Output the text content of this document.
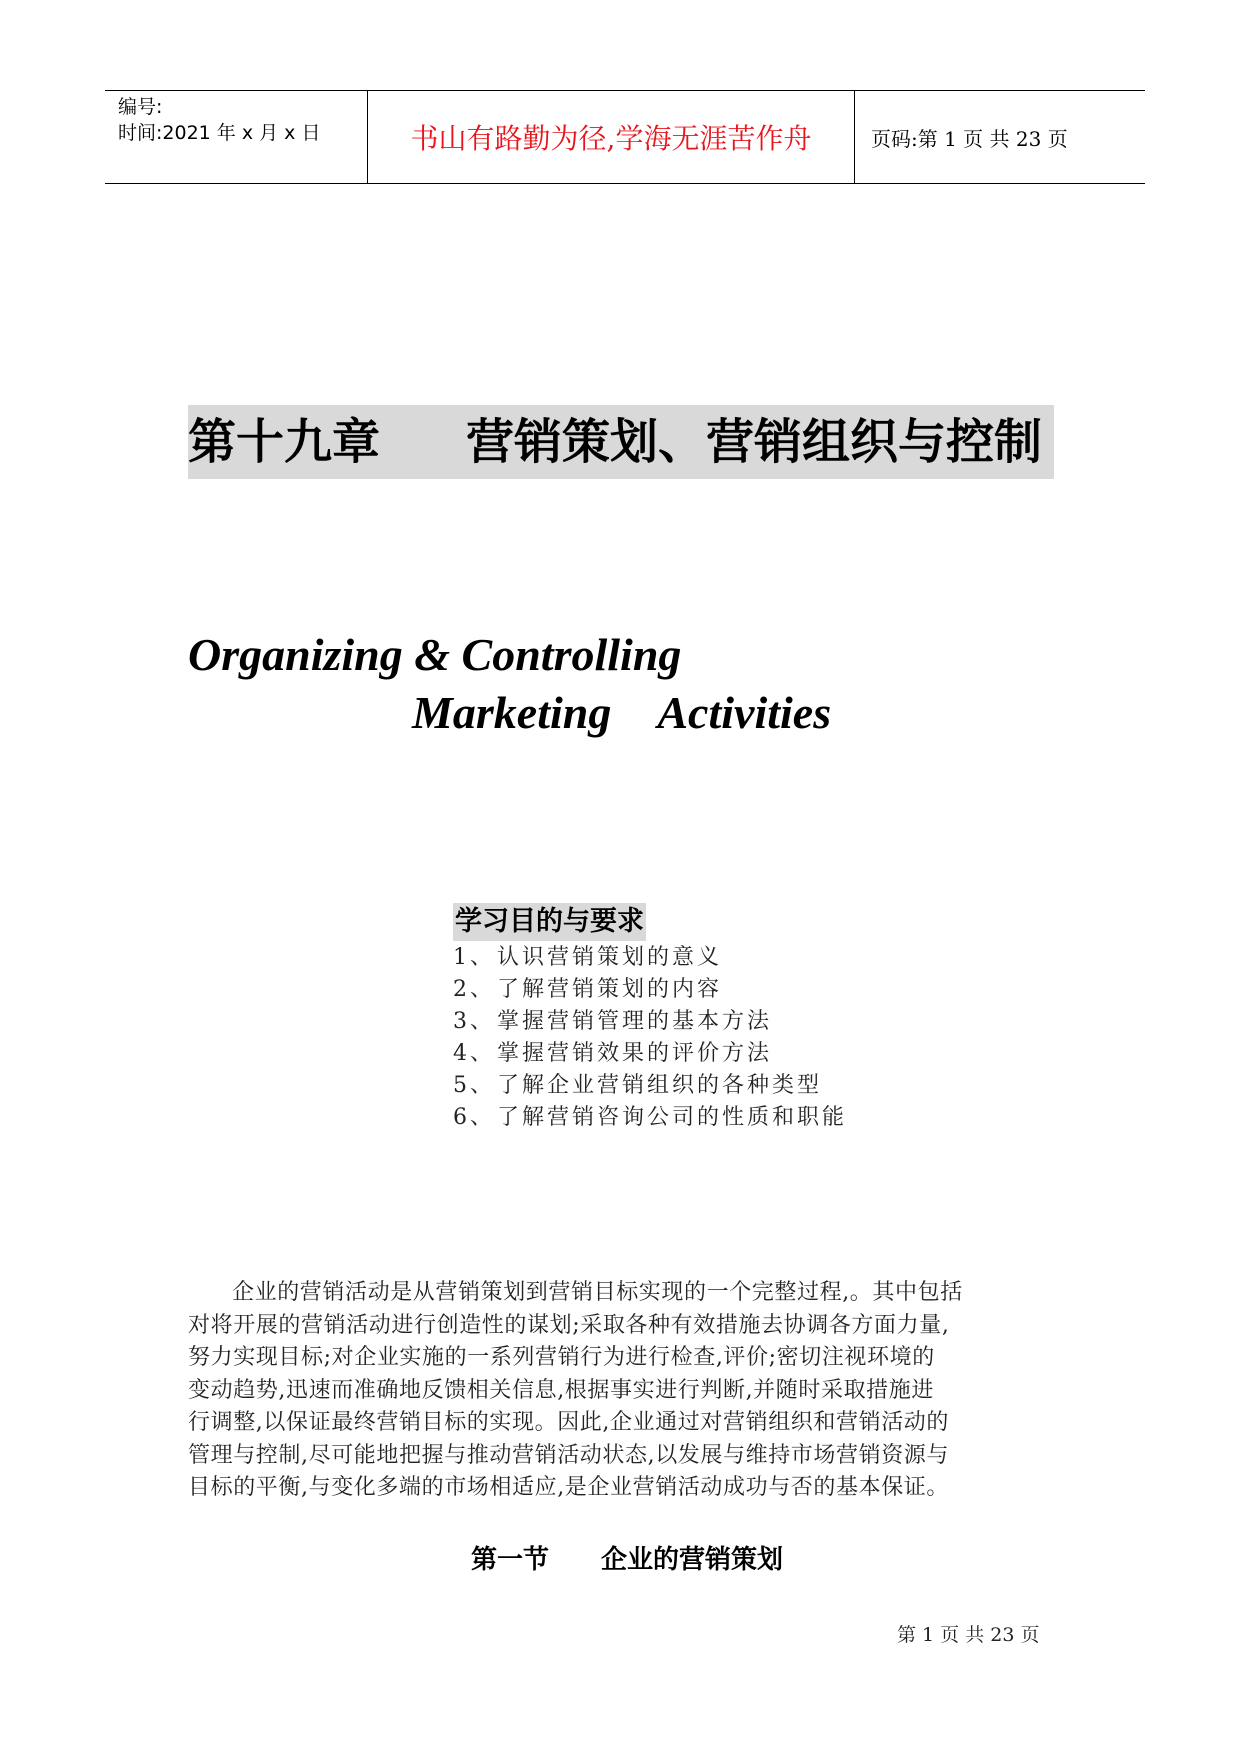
编号:
时间:2021 年 x 月 x 日	书山有路勤为径,学海无涯苦作舟	页码:第 1 页 共 23 页
第十九章 营销策划、营销组织与控制
Organizing & Controlling
Marketing Activities
学习目的与要求
1、认识营销策划的意义
2、了解营销策划的内容
3、掌握营销管理的基本方法
4、掌握营销效果的评价方法
5、了解企业营销组织的各种类型
6、了解营销咨询公司的性质和职能
企业的营销活动是从营销策划到营销目标实现的一个完整过程,。其中包括
对将开展的营销活动进行创造性的谋划;采取各种有效措施去协调各方面力量,
努力实现目标;对企业实施的一系列营销行为进行检查,评价;密切注视环境的
变动趋势,迅速而准确地反馈相关信息,根据事实进行判断,并随时采取措施进
行调整,以保证最终营销目标的实现。因此,企业通过对营销组织和营销活动的
管理与控制,尽可能地把握与推动营销活动状态,以发展与维持市场营销资源与
目标的平衡,与变化多端的市场相适应,是企业营销活动成功与否的基本保证。
第一节 企业的营销策划
第 1 页 共 23 页
